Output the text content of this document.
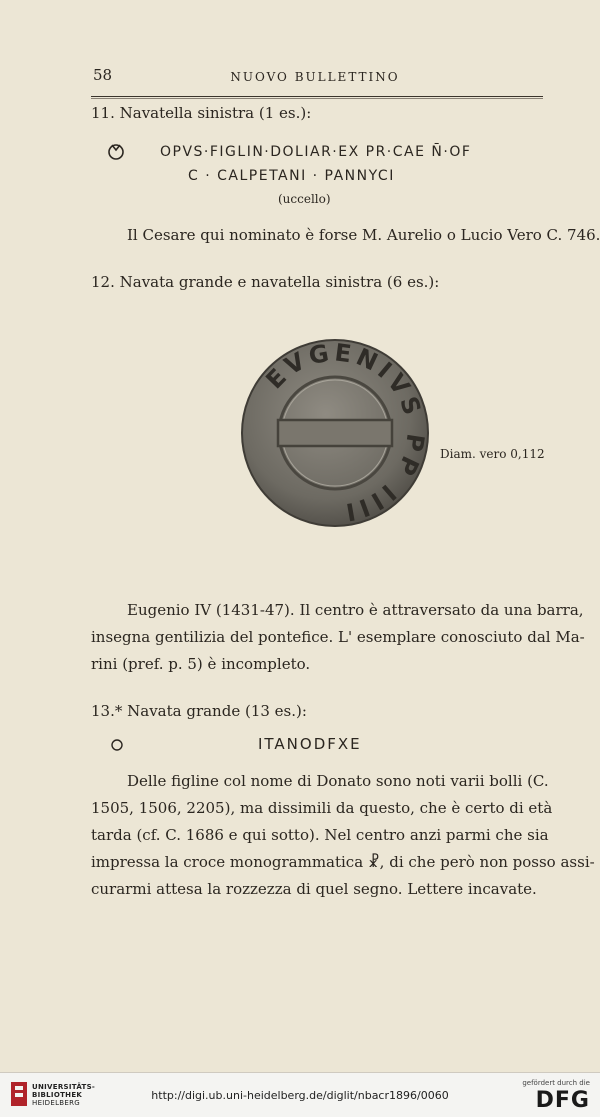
58	NUOVO BULLETTINO
11. Navatella sinistra (1 es.):
OPVS·FIGLIN·DOLIAR·EX PR·CAE N̄·OF
C · CALPETANI · PANNYCI
(uccello)
Il Cesare qui nominato è forse M. Aurelio o Lucio Vero C. 746.
12. Navata grande e navatella sinistra (6 es.):
EVGENIVS PP IIII
Diam. vero 0,112
Eugenio IV (1431-47). Il centro è attraversato da una barra,
insegna gentilizia del pontefice. L' esemplare conosciuto dal Ma-
rini (pref. p. 5) è incompleto.
13.* Navata grande (13 es.):
ITANODFXE
Delle figline col nome di Donato sono noti varii bolli (C.
1505, 1506, 2205), ma dissimili da questo, che è certo di età
tarda (cf. C. 1686 e qui sotto). Nel centro anzi parmi che sia
impressa la croce monogrammatica ☧, di che però non posso assi-
curarmi attesa la rozzezza di quel segno. Lettere incavate.
UNIVERSITÄTS-
BIBLIOTHEK
HEIDELBERG
http://digi.ub.uni-heidelberg.de/diglit/nbacr1896/0060
gefördert durch die
DFG
